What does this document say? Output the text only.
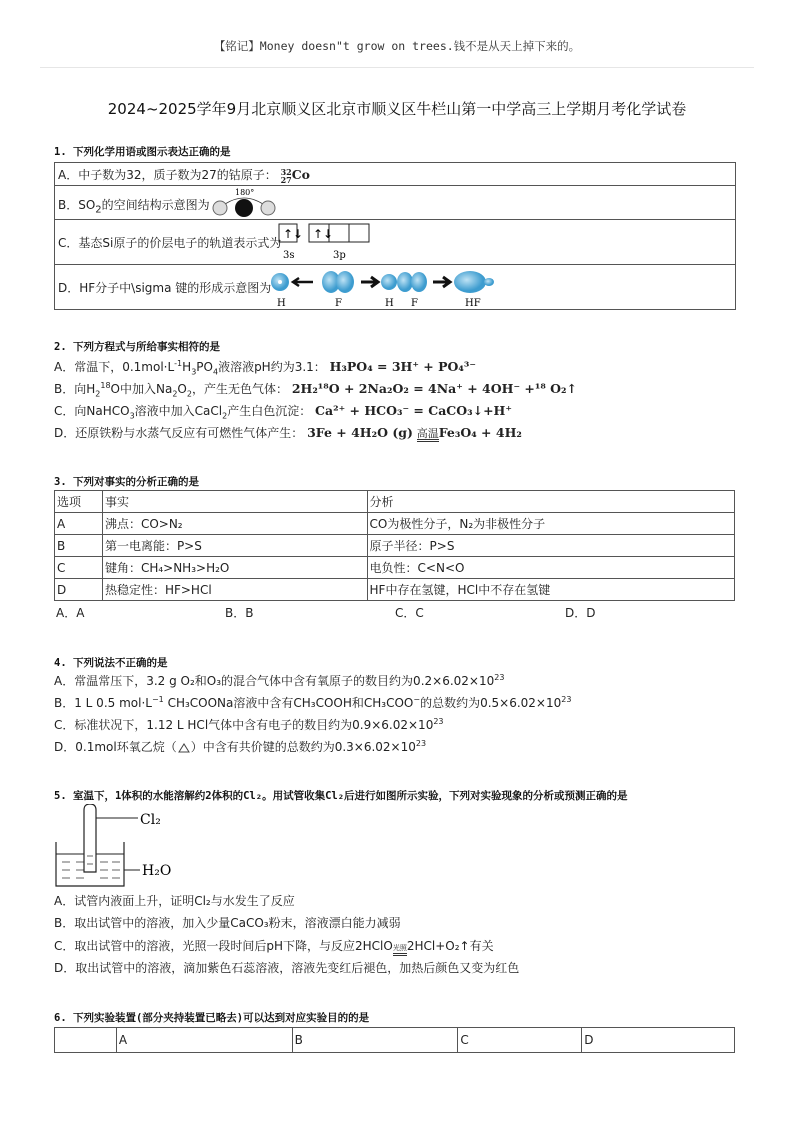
【铭记】Money doesn"t grow on trees.钱不是从天上掉下来的。
2024~2025学年9月北京顺义区北京市顺义区牛栏山第一中学高三上学期月考化学试卷
1. 下列化学用语或图示表达正确的是
A．中子数为32，质子数为27的钴原子： 32
27Co
B．$SO_2$的空间结构示意图为
180°
C．基态Si原子的价层电子的轨道表示式为
↑↓ ↑↓
3s	3p
D．HF分子中\sigma 键的形成示意图为
H	F	H F	HF
2. 下列方程式与所给事实相符的是
A．常温下，$0.1mol\cdot L^{-1}H_3PO_4$液溶液pH约为3.1： H₃PO₄ = 3H⁺ + PO₄³⁻
B．向$H_2^{18}O$中加入$Na_2O_2$，产生无色气体： 2H₂¹⁸O + 2Na₂O₂ = 4Na⁺ + 4OH⁻ +¹⁸ O₂↑
C．向NaHCO$_3$溶液中加入CaCl$_2$产生白色沉淀： Ca²⁺ + HCO₃⁻ = CaCO₃↓+H⁺
D．还原铁粉与水蒸气反应有可燃性气体产生： 3Fe + 4H₂O (g) 高温Fe₃O₄ + 4H₂
3. 下列对事实的分析正确的是
选项	事实	分析
A	沸点：CO>N₂	CO为极性分子，N₂为非极性分子
B	第一电离能：P>S	原子半径：P>S
C	键角：CH₄>NH₃>H₂O	电负性：C<N<O
D	热稳定性：HF>HCl	HF中存在氢键，HCl中不存在氢键
A．A	B．B	C．C	D．D
4. 下列说法不正确的是
A．常温常压下，3.2 g O₂和O₃的混合气体中含有氧原子的数目约为$0.2\times 6.02\times 10^{23}$
B．1 L 0.5 $mol\cdot L^{-1}$ CH₃COONa溶液中含有CH₃COOH和CH₃COO−的总数约为$0.5\times 6.02\times 10^{23}$
C．标准状况下，1.12 L HCl气体中含有电子的数目约为$0.9\times 6.02\times 10^{23}$
D．0.1mol环氧乙烷（ ）中含有共价键的总数约为$0.3\times 6.02\times 10^{23}$
5. 室温下，1体积的水能溶解约2体积的Cl₂。用试管收集Cl₂后进行如图所示实验，下列对实验现象的分析或预测正确的是
Cl₂
H₂O
A．试管内液面上升，证明Cl₂与水发生了反应
B．取出试管中的溶液，加入少量CaCO₃粉末，溶液漂白能力减弱
C．取出试管中的溶液，光照一段时间后pH下降，与反应2HClO 光照 2HCl+O₂↑有关
D．取出试管中的溶液，滴加紫色石蕊溶液，溶液先变红后褪色，加热后颜色又变为红色
6. 下列实验装置(部分夹持装置已略去)可以达到对应实验目的的是
	A	B	C	D
